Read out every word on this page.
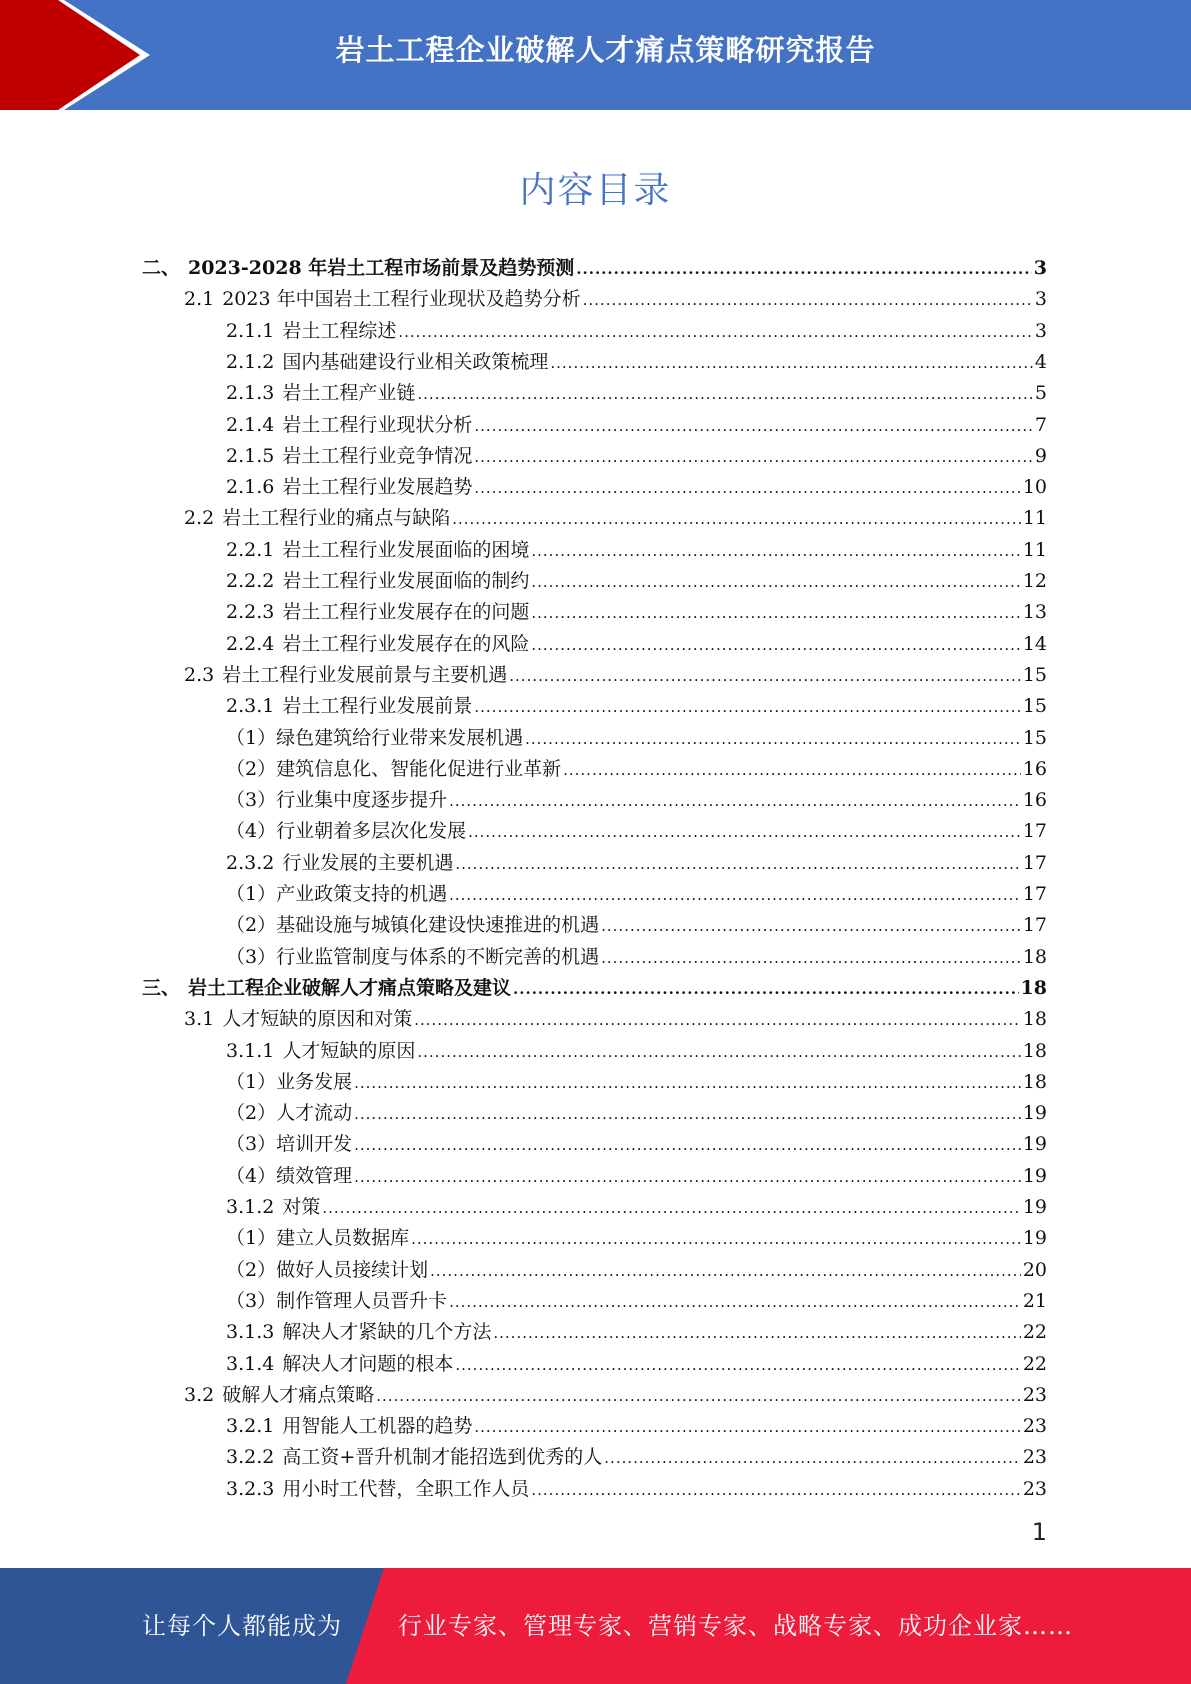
岩土工程企业破解人才痛点策略研究报告
内容目录
二、 2023-2028 年岩土工程市场前景及趋势预测 .....	3
2.1 2023 年中国岩土工程行业现状及趋势分析 .....	3
2.1.1 岩土工程综述 .....	3
2.1.2 国内基础建设行业相关政策梳理 .....	4
2.1.3 岩土工程产业链 .....	5
2.1.4 岩土工程行业现状分析 .....	7
2.1.5 岩土工程行业竞争情况 .....	9
2.1.6 岩土工程行业发展趋势 .....	10
2.2 岩土工程行业的痛点与缺陷 .....	11
2.2.1 岩土工程行业发展面临的困境 .....	11
2.2.2 岩土工程行业发展面临的制约 .....	12
2.2.3 岩土工程行业发展存在的问题 .....	13
2.2.4 岩土工程行业发展存在的风险 .....	14
2.3 岩土工程行业发展前景与主要机遇 .....	15
2.3.1 岩土工程行业发展前景 .....	15
（1） 绿色建筑给行业带来发展机遇 .....	15
（2） 建筑信息化、智能化促进行业革新 .....	16
（3） 行业集中度逐步提升 .....	16
（4） 行业朝着多层次化发展 .....	17
2.3.2 行业发展的主要机遇 .....	17
（1） 产业政策支持的机遇 .....	17
（2） 基础设施与城镇化建设快速推进的机遇 .....	17
（3） 行业监管制度与体系的不断完善的机遇 .....	18
三、 岩土工程企业破解人才痛点策略及建议 .....	18
3.1 人才短缺的原因和对策 .....	18
3.1.1 人才短缺的原因 .....	18
（1） 业务发展 .....	18
（2） 人才流动 .....	19
（3） 培训开发 .....	19
（4） 绩效管理 .....	19
3.1.2 对策 .....	19
（1） 建立人员数据库 .....	19
（2） 做好人员接续计划 .....	20
（3） 制作管理人员晋升卡 .....	21
3.1.3 解决人才紧缺的几个方法 .....	22
3.1.4 解决人才问题的根本 .....	22
3.2 破解人才痛点策略 .....	23
3.2.1 用智能人工机器的趋势 .....	23
3.2.2 高工资+晋升机制才能招选到优秀的人 .....	23
3.2.3 用小时工代替，全职工作人员 .....	23
1
让每个人都能成为 行业专家、管理专家、营销专家、战略专家、成功企业家……
